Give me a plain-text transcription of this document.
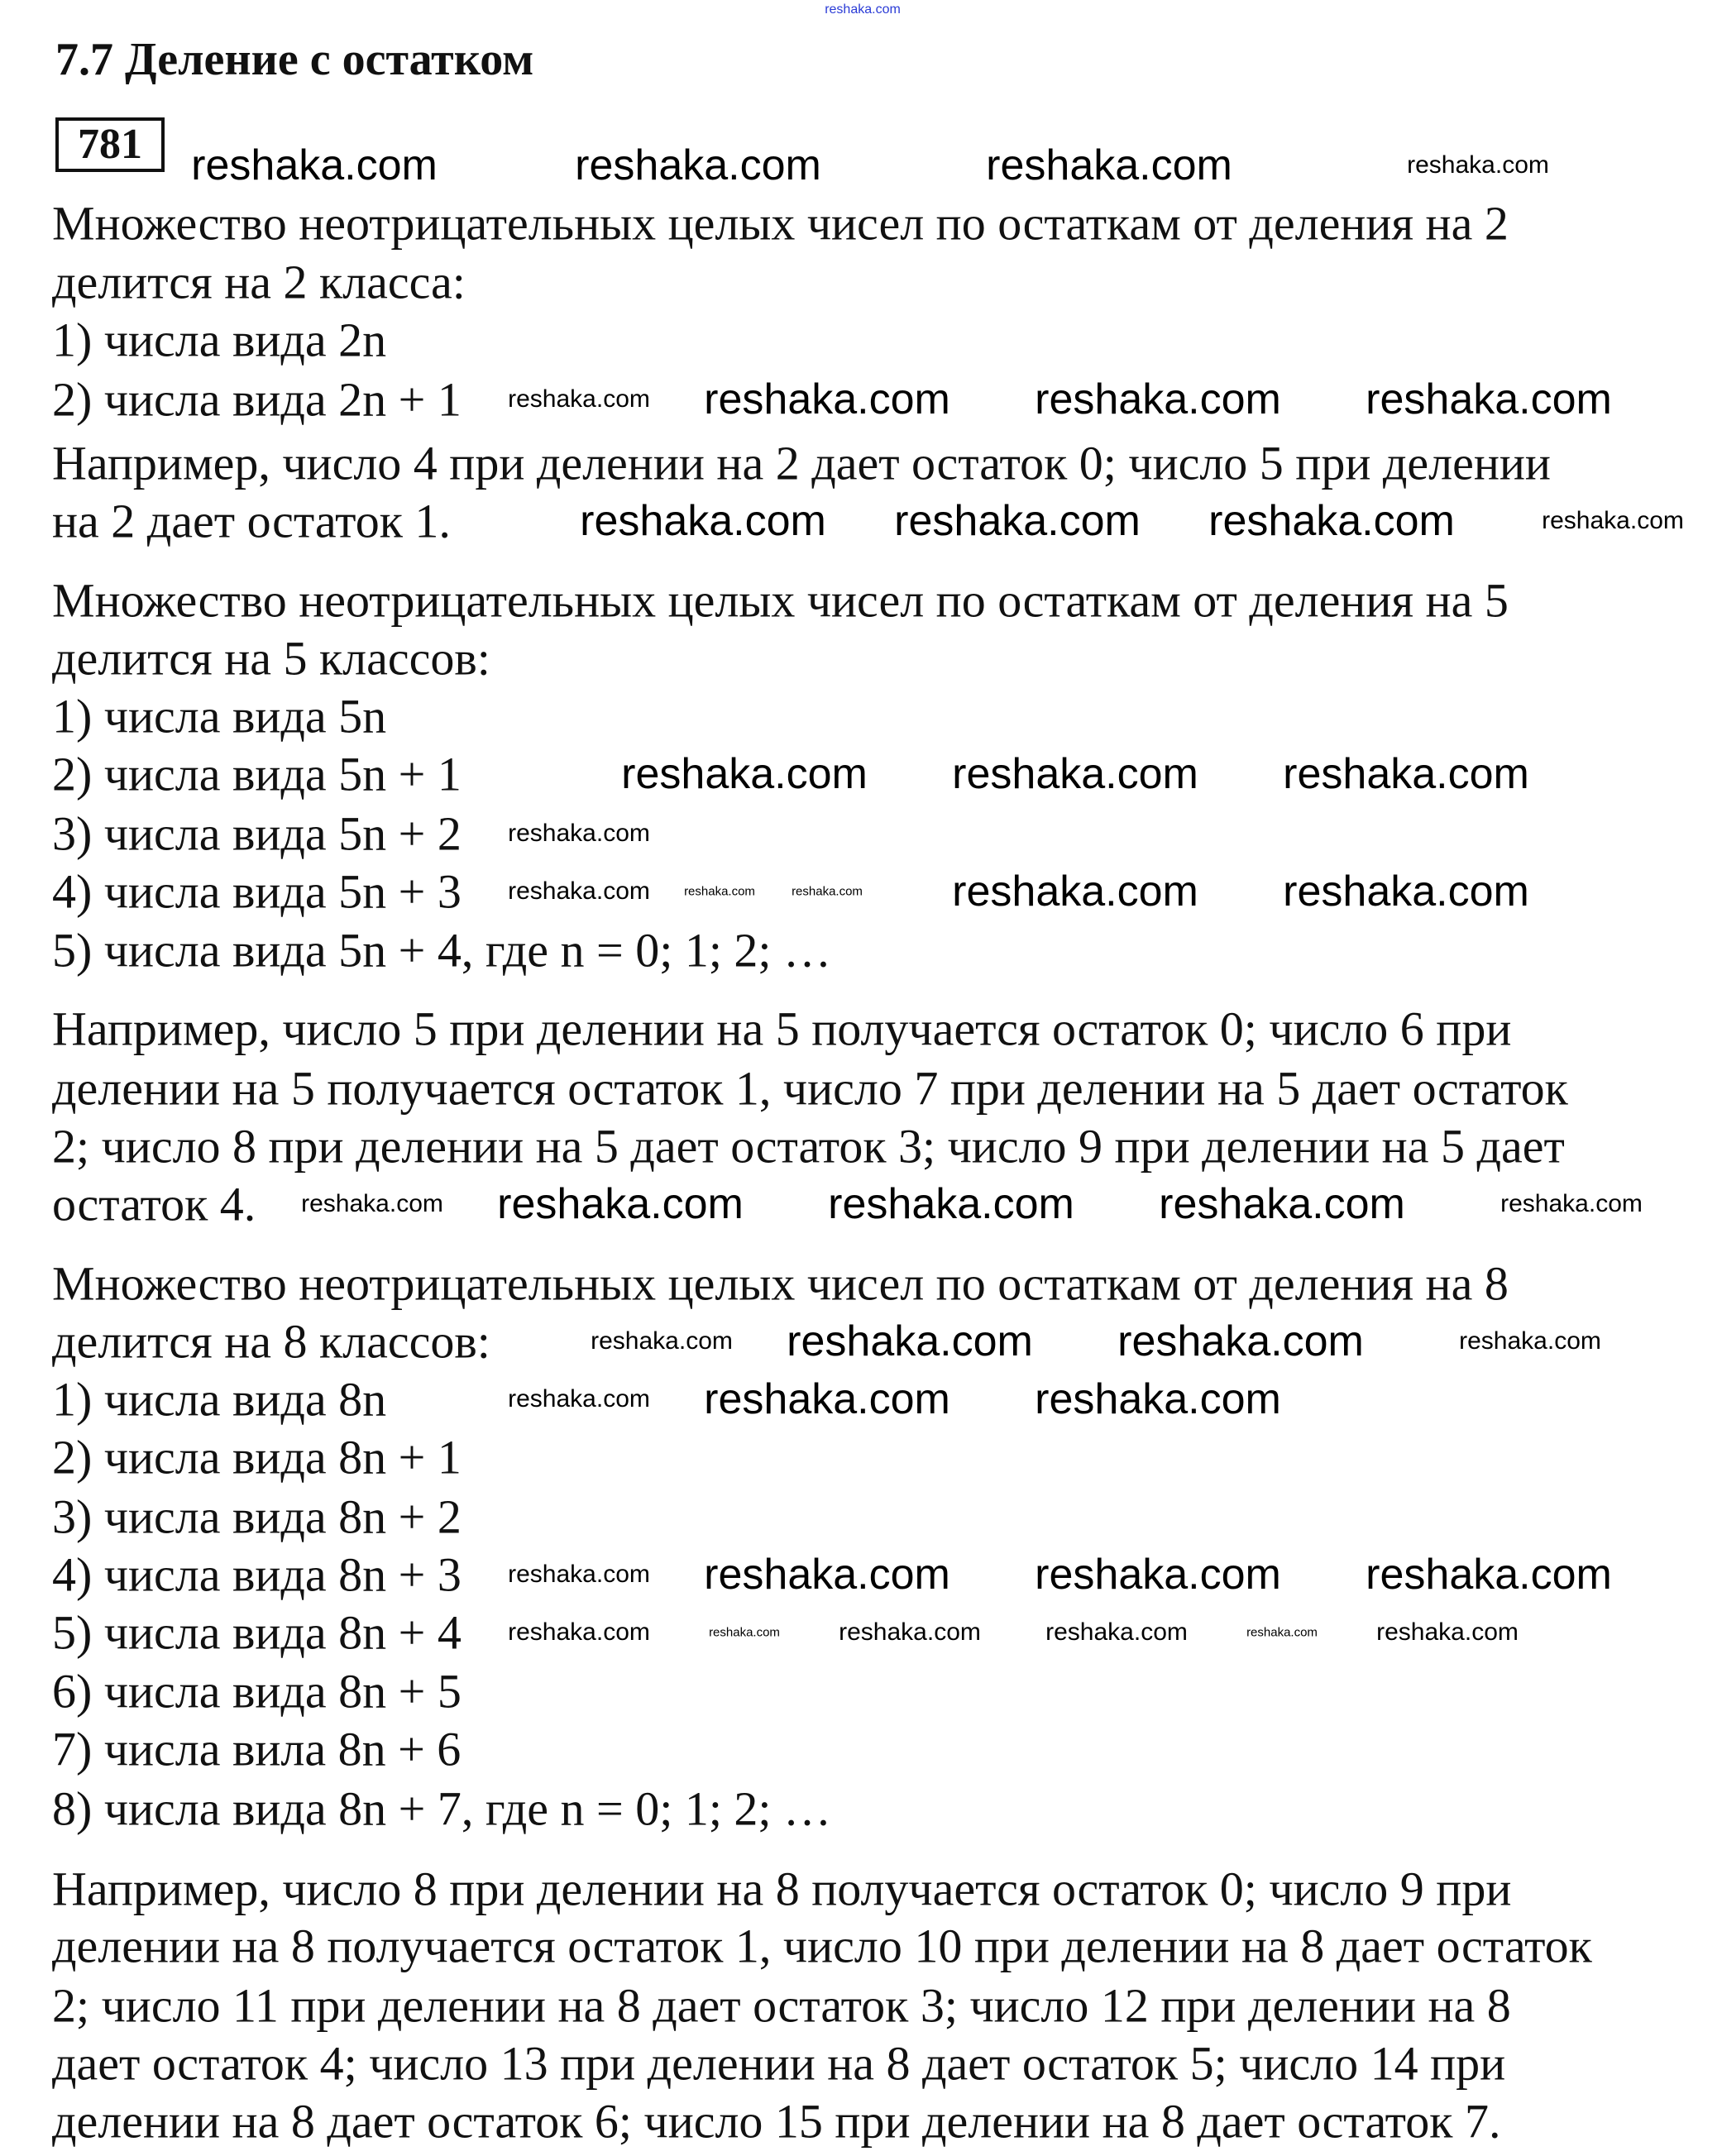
7.7 Деление с остатком
781
Множество неотрицательных целых чисел по остаткам от деления на 2
делится на 2 класса:
1) числа вида 2n
2) числа вида 2n + 1
Например, число 4 при делении на 2 дает остаток 0; число 5 при делении
на 2 дает остаток 1.
Множество неотрицательных целых чисел по остаткам от деления на 5
делится на 5 классов:
1) числа вида 5n
2) числа вида 5n + 1
3) числа вида 5n + 2
4) числа вида 5n + 3
5) числа вида 5n + 4, где n = 0; 1; 2; …
Например, число 5 при делении на 5 получается остаток 0; число 6 при
делении на 5 получается остаток 1, число 7 при делении на 5 дает остаток
2; число 8 при делении на 5 дает остаток 3; число 9 при делении на 5 дает
остаток 4.
Множество неотрицательных целых чисел по остаткам от деления на 8
делится на 8 классов:
1) числа вида 8n
2) числа вида 8n + 1
3) числа вида 8n + 2
4) числа вида 8n + 3
5) числа вида 8n + 4
6) числа вида 8n + 5
7) числа вила 8n + 6
8) числа вида 8n + 7, где n = 0; 1; 2; …
Например, число 8 при делении на 8 получается остаток 0; число 9 при
делении на 8 получается остаток 1, число 10 при делении на 8 дает остаток
2; число 11 при делении на 8 дает остаток 3; число 12 при делении на 8
дает остаток 4; число 13 при делении на 8 дает остаток 5; число 14 при
делении на 8 дает остаток 6; число 15 при делении на 8 дает остаток 7.
reshaka.com
reshaka.com	reshaka.com	reshaka.com	reshaka.com
reshaka.com reshaka.com reshaka.com reshaka.com
reshaka.com reshaka.com reshaka.com	reshaka.com
reshaka.com reshaka.com reshaka.com
reshaka.com
reshaka.com	reshaka.com	reshaka.com reshaka.com reshaka.com
reshaka.com reshaka.com reshaka.com reshaka.com	reshaka.com
reshaka.com reshaka.com reshaka.com	reshaka.com
reshaka.com reshaka.com reshaka.com
reshaka.com reshaka.com reshaka.com reshaka.com
reshaka.com	reshaka.com reshaka.com	reshaka.com	reshaka.com reshaka.com
